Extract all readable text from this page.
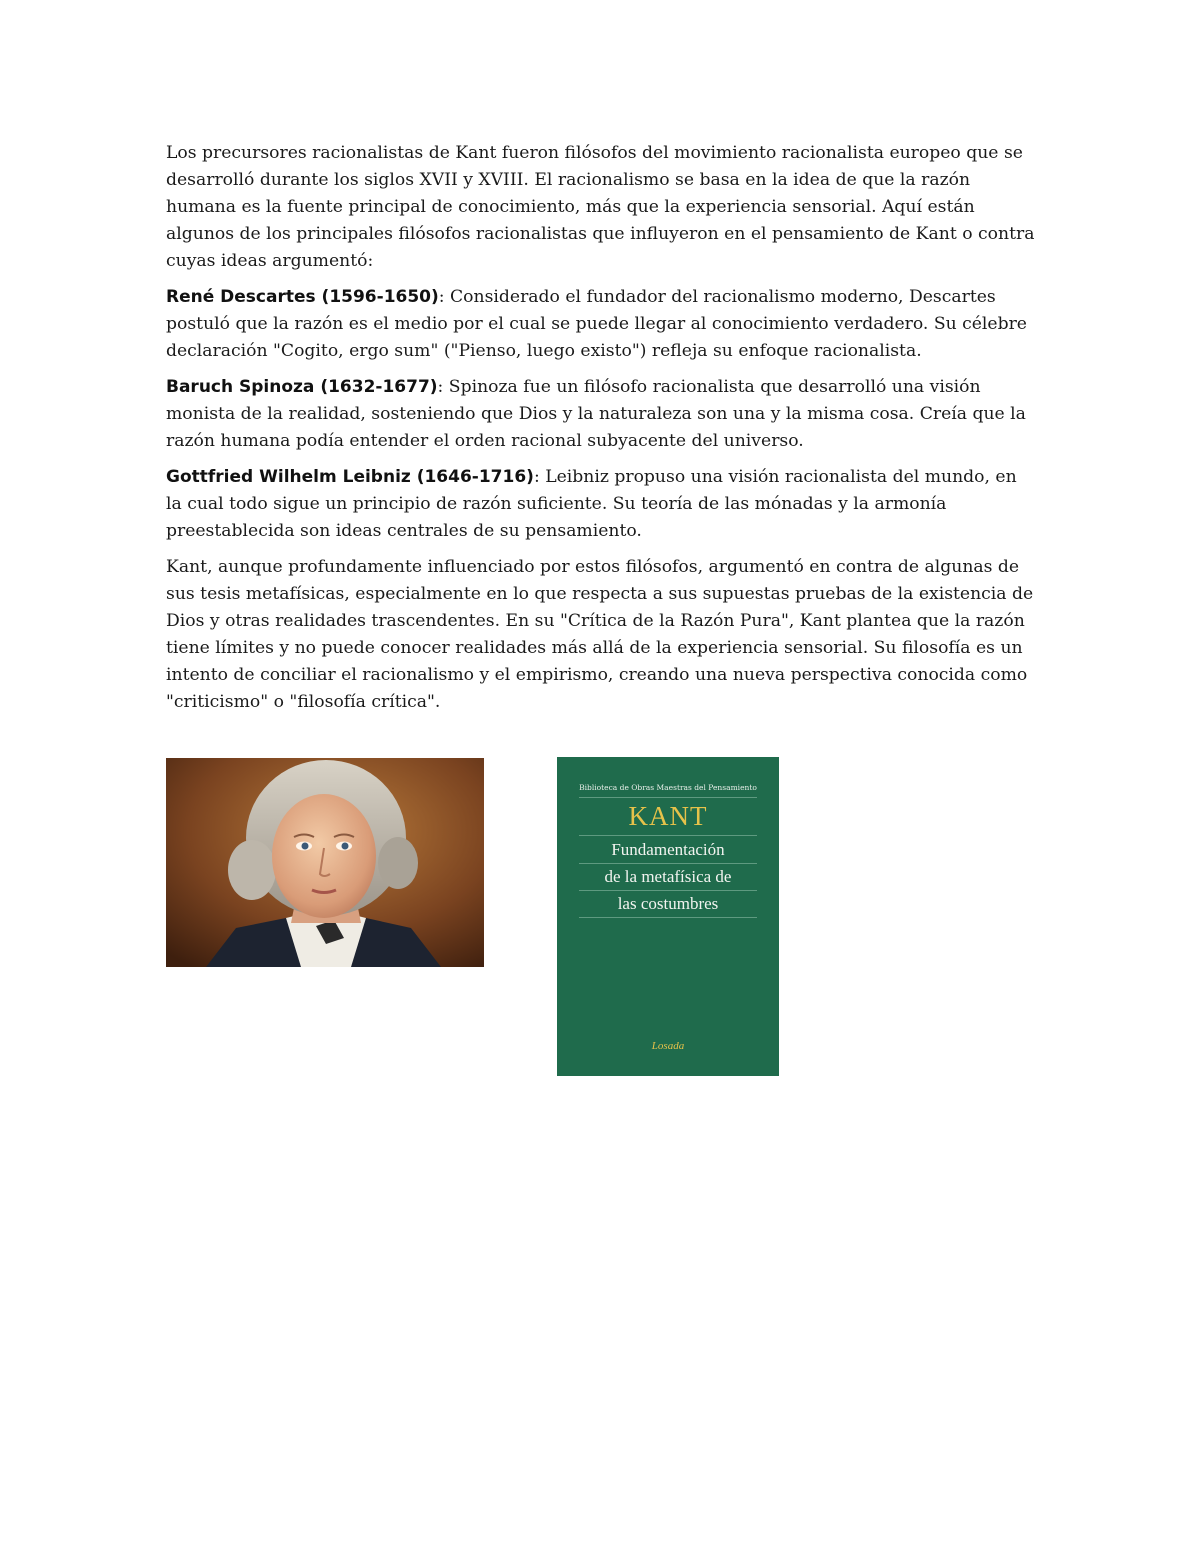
Los precursores racionalistas de Kant fueron filósofos del movimiento racionalista europeo que se desarrolló durante los siglos XVII y XVIII. El racionalismo se basa en la idea de que la razón humana es la fuente principal de conocimiento, más que la experiencia sensorial. Aquí están algunos de los principales filósofos racionalistas que influyeron en el pensamiento de Kant o contra cuyas ideas argumentó:

René Descartes (1596-1650): Considerado el fundador del racionalismo moderno, Descartes postuló que la razón es el medio por el cual se puede llegar al conocimiento verdadero. Su célebre declaración "Cogito, ergo sum" ("Pienso, luego existo") refleja su enfoque racionalista.

Baruch Spinoza (1632-1677): Spinoza fue un filósofo racionalista que desarrolló una visión monista de la realidad, sosteniendo que Dios y la naturaleza son una y la misma cosa. Creía que la razón humana podía entender el orden racional subyacente del universo.

Gottfried Wilhelm Leibniz (1646-1716): Leibniz propuso una visión racionalista del mundo, en la cual todo sigue un principio de razón suficiente. Su teoría de las mónadas y la armonía preestablecida son ideas centrales de su pensamiento.

Kant, aunque profundamente influenciado por estos filósofos, argumentó en contra de algunas de sus tesis metafísicas, especialmente en lo que respecta a sus supuestas pruebas de la existencia de Dios y otras realidades trascendentes. En su "Crítica de la Razón Pura", Kant plantea que la razón tiene límites y no puede conocer realidades más allá de la experiencia sensorial. Su filosofía es un intento de conciliar el racionalismo y el empirismo, creando una nueva perspectiva conocida como "criticismo" o "filosofía crítica".

Biblioteca de Obras Maestras del Pensamiento
KANT
Fundamentación
de la metafísica de
las costumbres
Losada
